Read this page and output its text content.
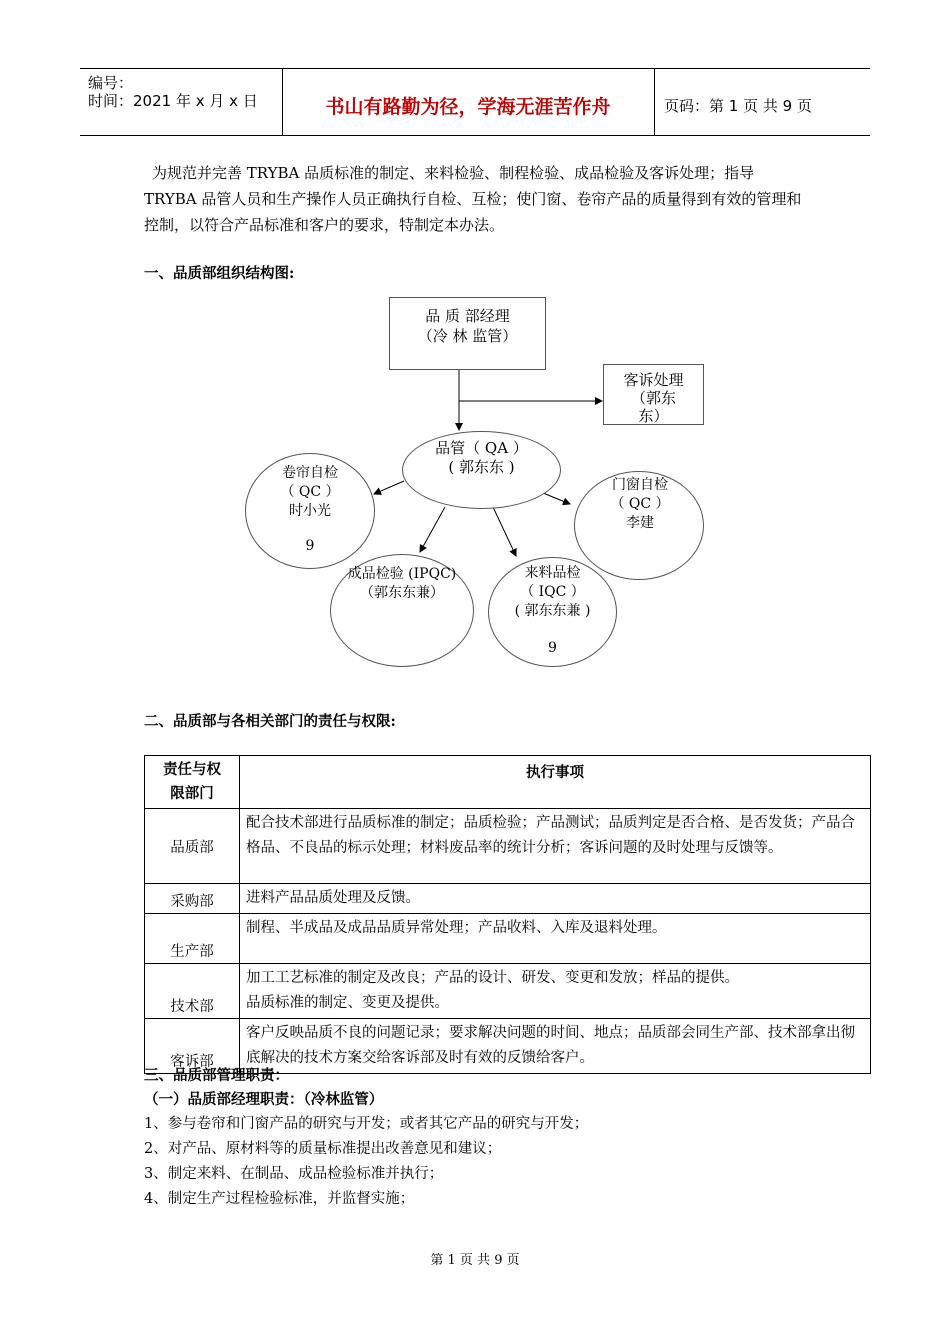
编号：
时间：2021 年 x 月 x 日	书山有路勤为径，学海无涯苦作舟	页码：第 1 页 共 9 页
为规范并完善 TRYBA 品质标准的制定、来料检验、制程检验、成品检验及客诉处理；指导 TRYBA 品管人员和生产操作人员正确执行自检、互检；使门窗、卷帘产品的质量得到有效的管理和控制，以符合产品标准和客户的要求，特制定本办法。
一、品质部组织结构图:
品 质 部经理
（冷 林 监管）
客诉处理
（郭东
东）
品管（ QA ）
( 郭东东 )
卷帘自检
（ QC ）
时小光
9
门窗自检
（ QC ）
李建
成品检验 (IPQC)
（郭东东兼）
来料品检
（ IQC ）
( 郭东东兼 )
9
二、品质部与各相关部门的责任与权限:
责任与权
限部门	执行事项
品质部	配合技术部进行品质标准的制定；品质检验；产品测试；品质判定是否合格、是否发货；产品合格品、不良品的标示处理；材料废品率的统计分析；客诉问题的及时处理与反馈等。
采购部	进料产品品质处理及反馈。
生产部	制程、半成品及成品品质异常处理；产品收料、入库及退料处理。
技术部	加工工艺标准的制定及改良；产品的设计、研发、变更和发放；样品的提供。
品质标准的制定、变更及提供。

客诉部	客户反映品质不良的问题记录；要求解决问题的时间、地点；品质部会同生产部、技术部拿出彻底解决的技术方案交给客诉部及时有效的反馈给客户。
三、品质部管理职责：
（一）品质部经理职责：（冷林监管）
1、参与卷帘和门窗产品的研究与开发；或者其它产品的研究与开发；
2、对产品、原材料等的质量标准提出改善意见和建议；
3、制定来料、在制品、成品检验标准并执行；
4、制定生产过程检验标准，并监督实施；
第 1 页 共 9 页
